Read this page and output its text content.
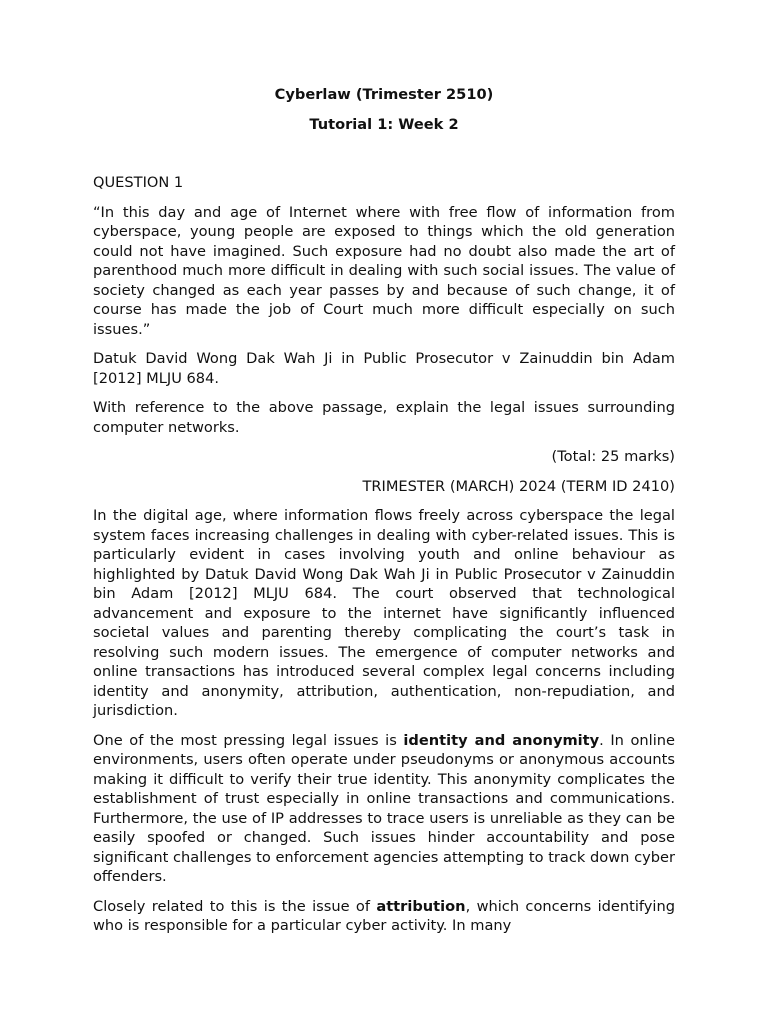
Cyberlaw (Trimester 2510)

Tutorial 1: Week 2

QUESTION 1

“In this day and age of Internet where with free flow of information from cyberspace, young people are exposed to things which the old generation could not have imagined. Such exposure had no doubt also made the art of parenthood much more difficult in dealing with such social issues. The value of society changed as each year passes by and because of such change, it of course has made the job of Court much more difficult especially on such issues.”

Datuk David Wong Dak Wah Ji in Public Prosecutor v Zainuddin bin Adam [2012] MLJU 684.

With reference to the above passage, explain the legal issues surrounding computer networks.

(Total: 25 marks)

TRIMESTER (MARCH) 2024 (TERM ID 2410)

In the digital age, where information flows freely across cyberspace the legal system faces increasing challenges in dealing with cyber-related issues. This is particularly evident in cases involving youth and online behaviour as highlighted by Datuk David Wong Dak Wah Ji in Public Prosecutor v Zainuddin bin Adam [2012] MLJU 684. The court observed that technological advancement and exposure to the internet have significantly influenced societal values and parenting thereby complicating the court’s task in resolving such modern issues. The emergence of computer networks and online transactions has introduced several complex legal concerns including identity and anonymity, attribution, authentication, non-repudiation, and jurisdiction.

One of the most pressing legal issues is identity and anonymity. In online environments, users often operate under pseudonyms or anonymous accounts making it difficult to verify their true identity. This anonymity complicates the establishment of trust especially in online transactions and communications. Furthermore, the use of IP addresses to trace users is unreliable as they can be easily spoofed or changed. Such issues hinder accountability and pose significant challenges to enforcement agencies attempting to track down cyber offenders.

Closely related to this is the issue of attribution, which concerns identifying who is responsible for a particular cyber activity. In many
